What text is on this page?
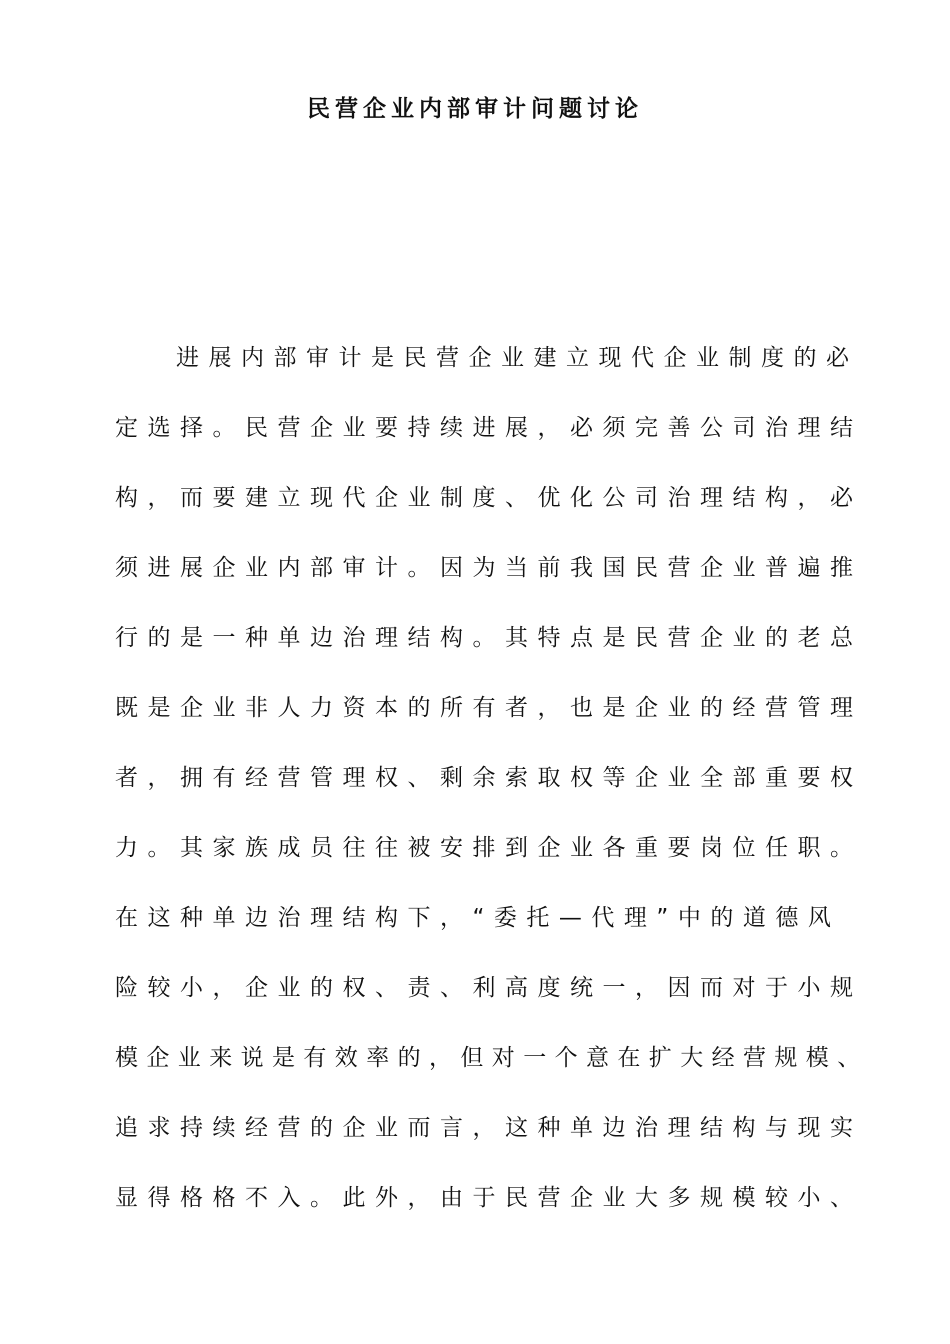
民营企业内部审计问题讨论
进展内部审计是民营企业建立现代企业制度的必
定选择。民营企业要持续进展，必须完善公司治理结
构，而要建立现代企业制度、优化公司治理结构，必
须进展企业内部审计。因为当前我国民营企业普遍推
行的是一种单边治理结构。其特点是民营企业的老总
既是企业非人力资本的所有者，也是企业的经营管理
者，拥有经营管理权、剩余索取权等企业全部重要权
力。其家族成员往往被安排到企业各重要岗位任职。
在这种单边治理结构下，“委托—代理”中的道德风
险较小，企业的权、责、利高度统一，因而对于小规
模企业来说是有效率的，但对一个意在扩大经营规模、
追求持续经营的企业而言，这种单边治理结构与现实
显得格格不入。此外，由于民营企业大多规模较小、
